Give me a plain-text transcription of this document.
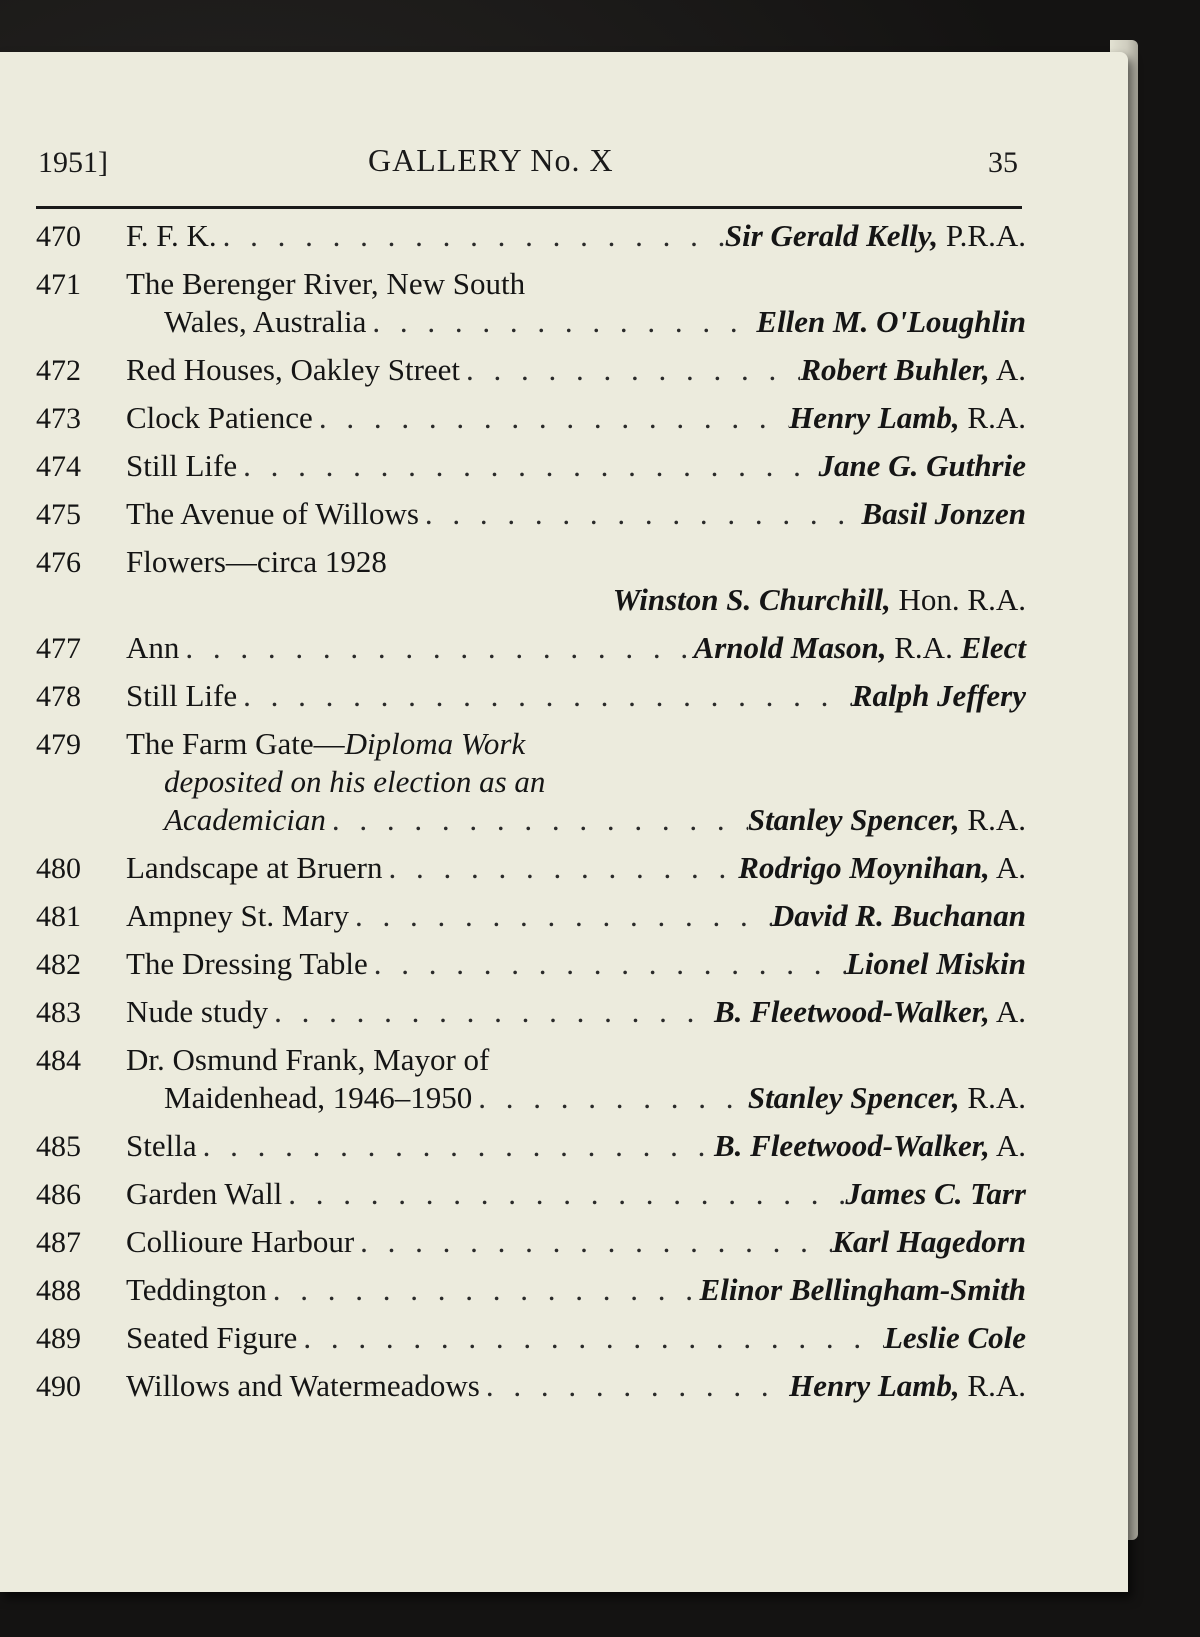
1951]	GALLERY No. X	35
470	F. F. K. . . .	Sir Gerald Kelly, P.R.A.
471	The Berenger River, New South
Wales, Australia . . .	Ellen M. O'Loughlin
472	Red Houses, Oakley Street . . .	Robert Buhler, A.
473	Clock Patience . . .	Henry Lamb, R.A.
474	Still Life . . .	Jane G. Guthrie
475	The Avenue of Willows . . .	Basil Jonzen
476	Flowers—circa 1928
Winston S. Churchill, Hon. R.A.
477	Ann . . .	Arnold Mason, R.A. Elect
478	Still Life . . .	Ralph Jeffery
479	The Farm Gate—Diploma Work
deposited on his election as an
Academician . . .	Stanley Spencer, R.A.
480	Landscape at Bruern . . .	Rodrigo Moynihan, A.
481	Ampney St. Mary . . .	David R. Buchanan
482	The Dressing Table . . .	Lionel Miskin
483	Nude study . . .	B. Fleetwood-Walker, A.
484	Dr. Osmund Frank, Mayor of
Maidenhead, 1946–1950 . . .	Stanley Spencer, R.A.
485	Stella . . .	B. Fleetwood-Walker, A.
486	Garden Wall . . .	James C. Tarr
487	Collioure Harbour . . .	Karl Hagedorn
488	Teddington . . .	Elinor Bellingham-Smith
489	Seated Figure . . .	Leslie Cole
490	Willows and Watermeadows . . .	Henry Lamb, R.A.
